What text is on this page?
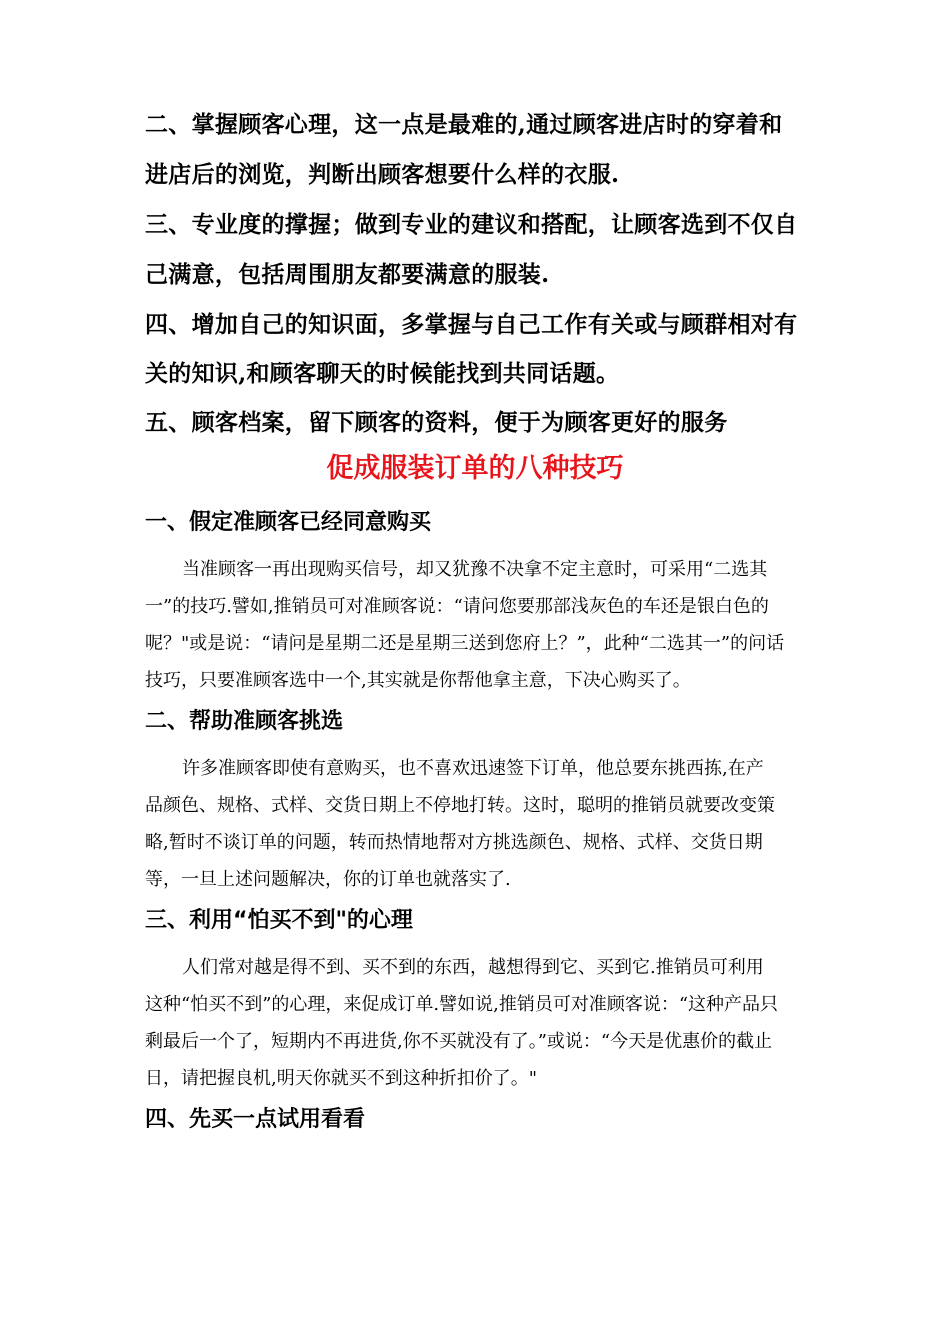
二、掌握顾客心理，这一点是最难的,通过顾客进店时的穿着和
进店后的浏览，判断出顾客想要什么样的衣服.
三、专业度的撑握；做到专业的建议和搭配，让顾客选到不仅自
己满意，包括周围朋友都要满意的服装.
四、增加自己的知识面，多掌握与自己工作有关或与顾群相对有
关的知识,和顾客聊天的时候能找到共同话题。
五、顾客档案，留下顾客的资料，便于为顾客更好的服务
促成服装订单的八种技巧
一、假定准顾客已经同意购买
当准顾客一再出现购买信号，却又犹豫不决拿不定主意时，可采用“二选其
一”的技巧.譬如,推销员可对准顾客说：“请问您要那部浅灰色的车还是银白色的
呢？"或是说：“请问是星期二还是星期三送到您府上？”，此种“二选其一”的问话
技巧，只要准顾客选中一个,其实就是你帮他拿主意，下决心购买了。
二、帮助准顾客挑选
许多准顾客即使有意购买，也不喜欢迅速签下订单，他总要东挑西拣,在产
品颜色、规格、式样、交货日期上不停地打转。这时，聪明的推销员就要改变策
略,暂时不谈订单的问题，转而热情地帮对方挑选颜色、规格、式样、交货日期
等，一旦上述问题解决，你的订单也就落实了.
三、利用“怕买不到"的心理
人们常对越是得不到、买不到的东西，越想得到它、买到它.推销员可利用
这种“怕买不到”的心理，来促成订单.譬如说,推销员可对准顾客说：“这种产品只
剩最后一个了，短期内不再进货,你不买就没有了。”或说：“今天是优惠价的截止
日，请把握良机,明天你就买不到这种折扣价了。"
四、先买一点试用看看
